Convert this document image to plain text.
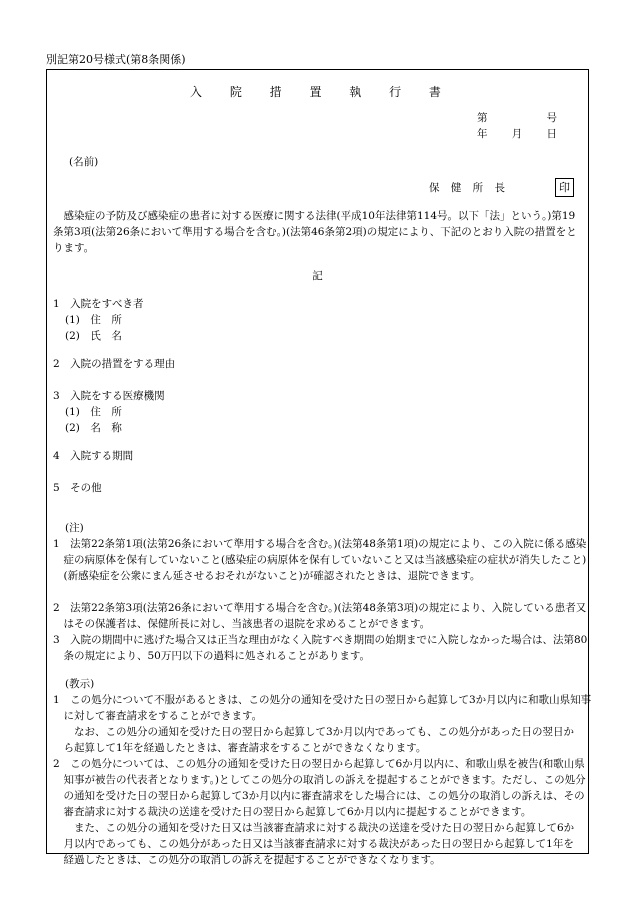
別記第20号様式(第8条関係)
入 院 措 置 執 行 書
第	号
年 月 日
(名前)
保 健 所 長	印
感染症の予防及び感染症の患者に対する医療に関する法律(平成10年法律第114号。以下「法」という。)第19条第3項(法第26条において準用する場合を含む。)(法第46条第2項)の規定により、下記のとおり入院の措置をとります。
記
1　入院をすべき者
(1)　住　所
(2)　氏　名
2　入院の措置をする理由
3　入院をする医療機関
(1)　住　所
(2)　名　称
4　入院する期間
5　その他
(注)
1　法第22条第1項(法第26条において準用する場合を含む。)(法第48条第1項)の規定により、この入院に係る感染症の病原体を保有していないこと(感染症の病原体を保有していないこと又は当該感染症の症状が消失したこと)(新感染症を公衆にまん延させるおそれがないこと)が確認されたときは、退院できます。
2　法第22条第3項(法第26条において準用する場合を含む。)(法第48条第3項)の規定により、入院している患者又はその保護者は、保健所長に対し、当該患者の退院を求めることができます。
3　入院の期間中に逃げた場合又は正当な理由がなく入院すべき期間の始期までに入院しなかった場合は、法第80条の規定により、50万円以下の過料に処されることがあります。
(教示)
1　この処分について不服があるときは、この処分の通知を受けた日の翌日から起算して3か月以内に和歌山県知事に対して審査請求をすることができます。
なお、この処分の通知を受けた日の翌日から起算して3か月以内であっても、この処分があった日の翌日から起算して1年を経過したときは、審査請求をすることができなくなります。
2　この処分については、この処分の通知を受けた日の翌日から起算して6か月以内に、和歌山県を被告(和歌山県知事が被告の代表者となります。)としてこの処分の取消しの訴えを提起することができます。ただし、この処分の通知を受けた日の翌日から起算して3か月以内に審査請求をした場合には、この処分の取消しの訴えは、その審査請求に対する裁決の送達を受けた日の翌日から起算して6か月以内に提起することができます。
また、この処分の通知を受けた日又は当該審査請求に対する裁決の送達を受けた日の翌日から起算して6か月以内であっても、この処分があった日又は当該審査請求に対する裁決があった日の翌日から起算して1年を経過したときは、この処分の取消しの訴えを提起することができなくなります。
